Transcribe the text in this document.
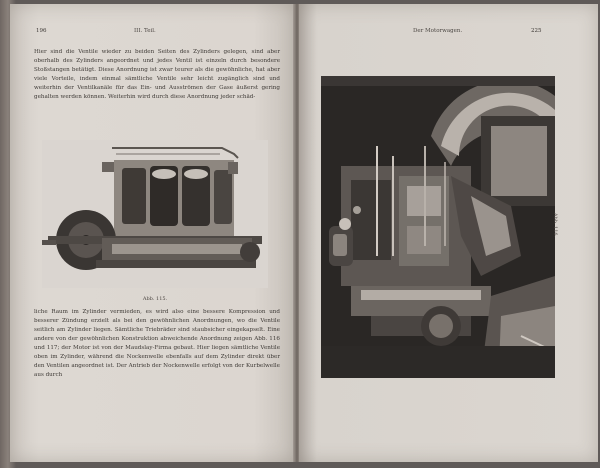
196	III. Teil.

Hier sind die Ventile wieder zu beiden Seiten des Zylinders gelegen, sind aber oberhalb des Zylinders angeordnet und jedes Ventil ist einzeln durch besondere Stoßstangen betätigt. Diese Anordnung ist zwar teurer als die gewöhnliche, hat aber viele Vorteile, indem einmal sämtliche Ventile sehr leicht zugänglich sind und weiterhin der Ventilkanäle für das Ein- und Ausströmen der Gase äußerst gering gehalten werden können. Weiterhin wird durch diese Anordnung jeder schäd-

Abb. 115.

liche Raum im Zylinder vermieden, es wird also eine bessere Kompression und besserer Zündung erzielt als bei den gewöhnlichen Anordnungen, wo die Ventile seitlich am Zylinder liegen. Sämtliche Triebräder sind staubsicher eingekapselt. Eine andere von der gewöhnlichen Konstruktion abweichende Anordnung zeigen Abb. 116 und 117; der Motor ist von der Maudslay-Firma gebaut. Hier liegen sämtliche Ventile oben im Zylinder, während die Nockenwelle ebenfalls auf dem Zylinder direkt über den Ventilen angeordnet ist. Der Antrieb der Nockenwelle erfolgt von der Kurbelwelle aus durch

Der Motorwagen.	225
Abb. 116.
